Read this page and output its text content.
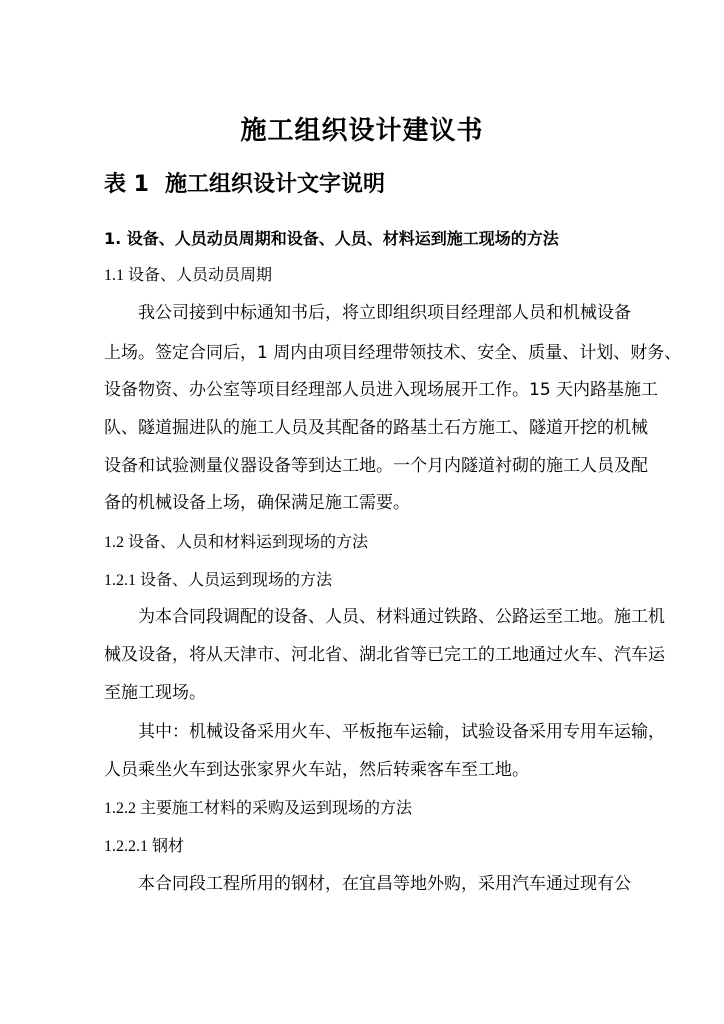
施工组织设计建议书
表 1 施工组织设计文字说明
1. 设备、人员动员周期和设备、人员、材料运到施工现场的方法
1.1 设备、人员动员周期
我公司接到中标通知书后，将立即组织项目经理部人员和机械设备
上场。签定合同后，1 周内由项目经理带领技术、安全、质量、计划、财务、
设备物资、办公室等项目经理部人员进入现场展开工作。15 天内路基施工
队、隧道掘进队的施工人员及其配备的路基土石方施工、隧道开挖的机械
设备和试验测量仪器设备等到达工地。一个月内隧道衬砌的施工人员及配
备的机械设备上场，确保满足施工需要。
1.2 设备、人员和材料运到现场的方法
1.2.1 设备、人员运到现场的方法
为本合同段调配的设备、人员、材料通过铁路、公路运至工地。施工机
械及设备，将从天津市、河北省、湖北省等已完工的工地通过火车、汽车运
至施工现场。
其中：机械设备采用火车、平板拖车运输，试验设备采用专用车运输，
人员乘坐火车到达张家界火车站，然后转乘客车至工地。
1.2.2 主要施工材料的采购及运到现场的方法
1.2.2.1 钢材
本合同段工程所用的钢材，在宜昌等地外购，采用汽车通过现有公
